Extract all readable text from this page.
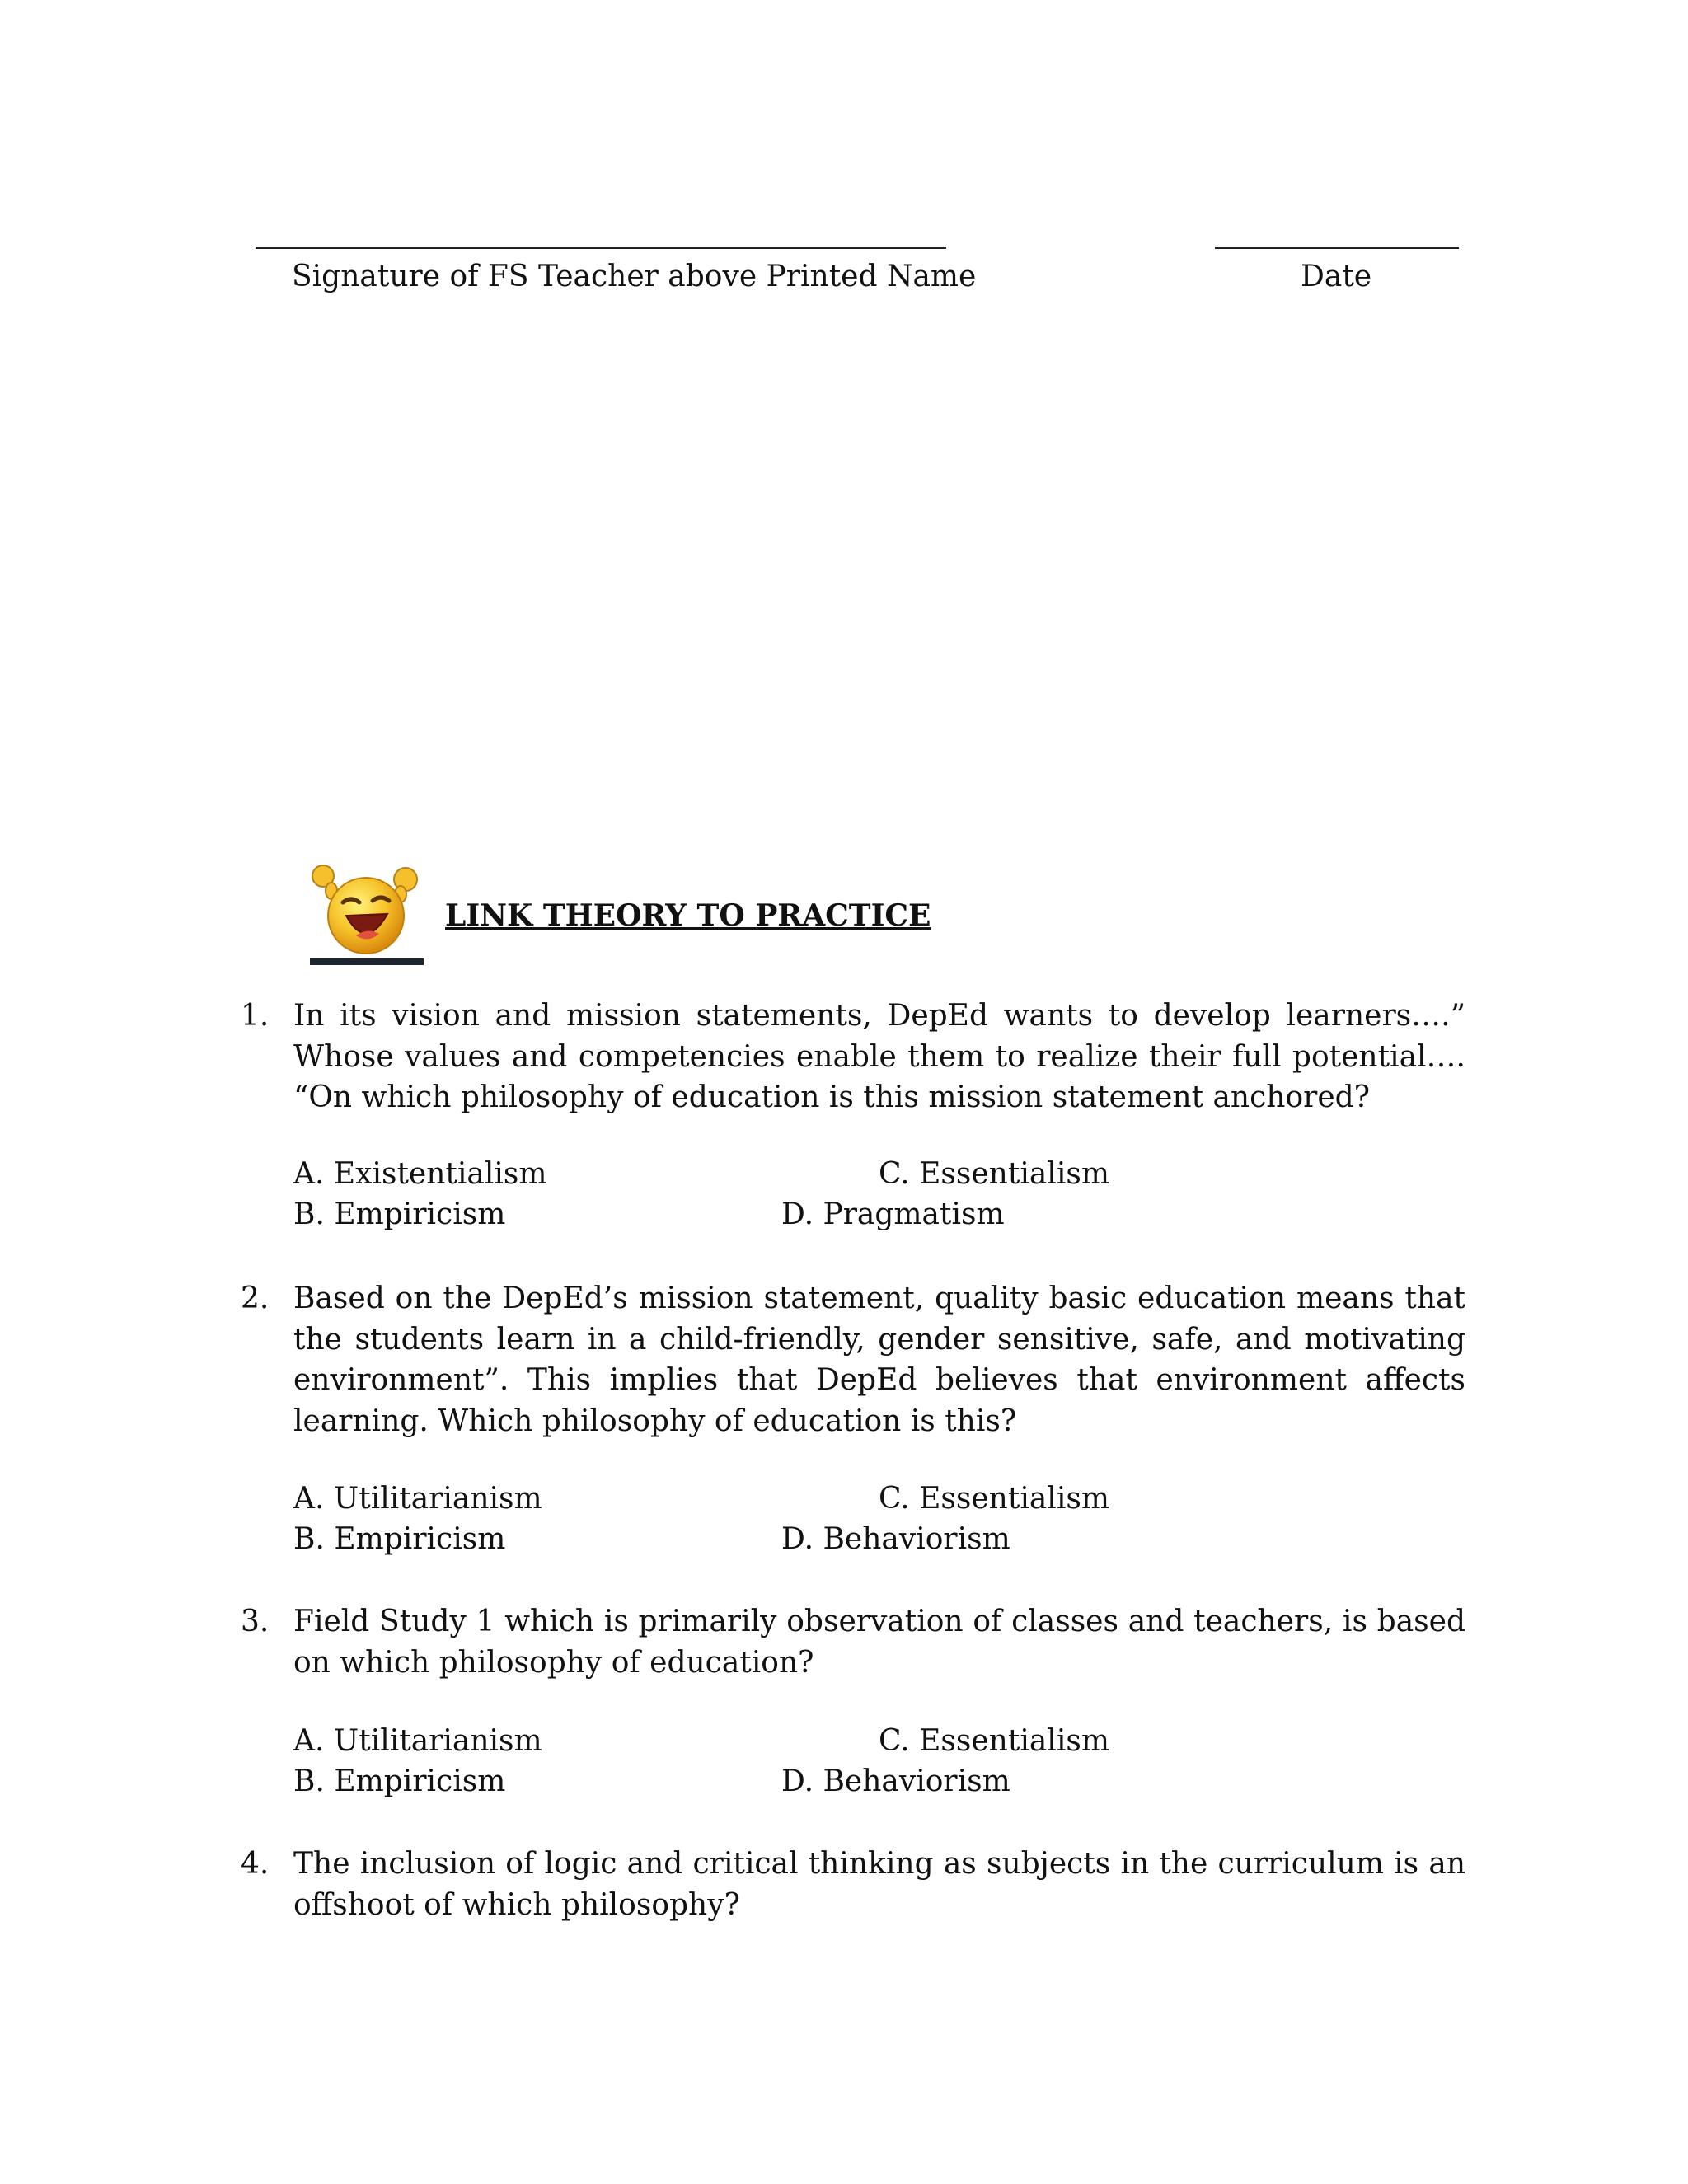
Signature of FS Teacher above Printed Name	Date
LINK THEORY TO PRACTICE
1. In its vision and mission statements, DepEd wants to develop learners….” Whose values and competencies enable them to realize their full potential…. “On which philosophy of education is this mission statement anchored?
A. Existentialism	C. Essentialism
B. Empiricism	D. Pragmatism
2. Based on the DepEd’s mission statement, quality basic education means that the students learn in a child-friendly, gender sensitive, safe, and motivating environment”. This implies that DepEd believes that environment affects learning. Which philosophy of education is this?
A. Utilitarianism	C. Essentialism
B. Empiricism	D. Behaviorism
3. Field Study 1 which is primarily observation of classes and teachers, is based on which philosophy of education?
A. Utilitarianism	C. Essentialism
B. Empiricism	D. Behaviorism
4. The inclusion of logic and critical thinking as subjects in the curriculum is an offshoot of which philosophy?
